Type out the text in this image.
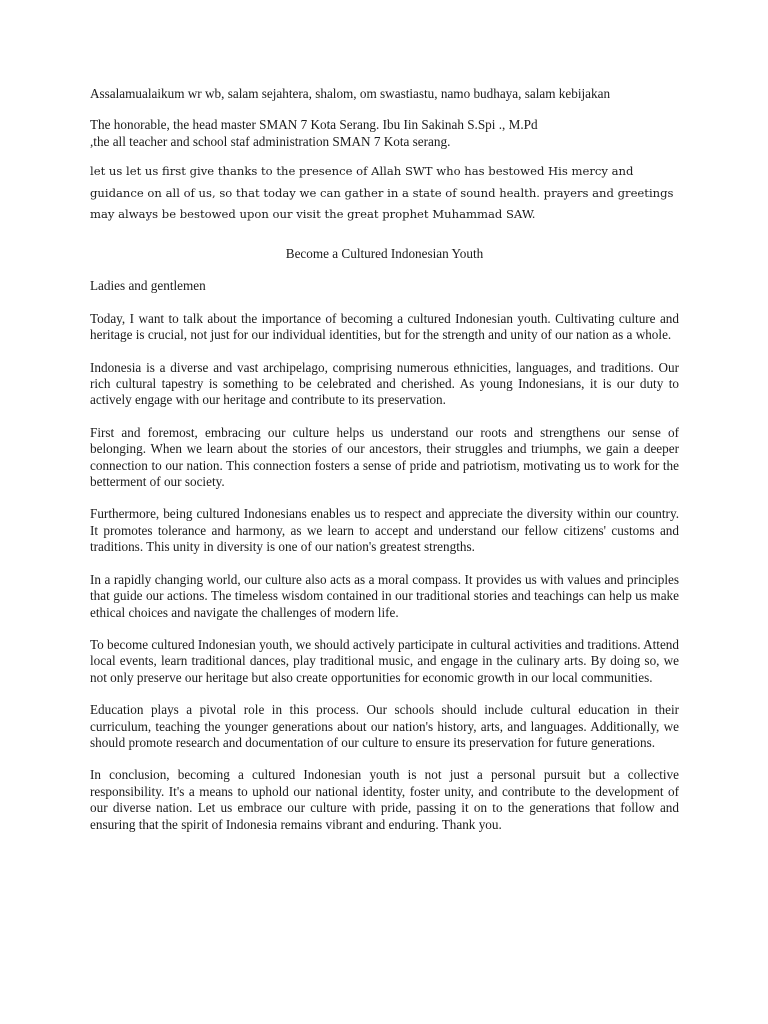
Assalamualaikum wr wb, salam sejahtera, shalom, om swastiastu, namo budhaya, salam kebijakan

The honorable, the head master SMAN 7 Kota Serang. Ibu Iin Sakinah S.Spi ., M.Pd

,the all teacher and school staf administration SMAN 7 Kota serang.

let us let us first give thanks to the presence of Allah SWT who has bestowed His mercy and guidance on all of us, so that today we can gather in a state of sound health. prayers and greetings may always be bestowed upon our visit the great prophet Muhammad SAW.

Become a Cultured Indonesian Youth

Ladies and gentlemen

Today, I want to talk about the importance of becoming a cultured Indonesian youth. Cultivating culture and heritage is crucial, not just for our individual identities, but for the strength and unity of our nation as a whole.

Indonesia is a diverse and vast archipelago, comprising numerous ethnicities, languages, and traditions. Our rich cultural tapestry is something to be celebrated and cherished. As young Indonesians, it is our duty to actively engage with our heritage and contribute to its preservation.

First and foremost, embracing our culture helps us understand our roots and strengthens our sense of belonging. When we learn about the stories of our ancestors, their struggles and triumphs, we gain a deeper connection to our nation. This connection fosters a sense of pride and patriotism, motivating us to work for the betterment of our society.

Furthermore, being cultured Indonesians enables us to respect and appreciate the diversity within our country. It promotes tolerance and harmony, as we learn to accept and understand our fellow citizens' customs and traditions. This unity in diversity is one of our nation's greatest strengths.

In a rapidly changing world, our culture also acts as a moral compass. It provides us with values and principles that guide our actions. The timeless wisdom contained in our traditional stories and teachings can help us make ethical choices and navigate the challenges of modern life.

To become cultured Indonesian youth, we should actively participate in cultural activities and traditions. Attend local events, learn traditional dances, play traditional music, and engage in the culinary arts. By doing so, we not only preserve our heritage but also create opportunities for economic growth in our local communities.

Education plays a pivotal role in this process. Our schools should include cultural education in their curriculum, teaching the younger generations about our nation's history, arts, and languages. Additionally, we should promote research and documentation of our culture to ensure its preservation for future generations.

In conclusion, becoming a cultured Indonesian youth is not just a personal pursuit but a collective responsibility. It's a means to uphold our national identity, foster unity, and contribute to the development of our diverse nation. Let us embrace our culture with pride, passing it on to the generations that follow and ensuring that the spirit of Indonesia remains vibrant and enduring. Thank you.
